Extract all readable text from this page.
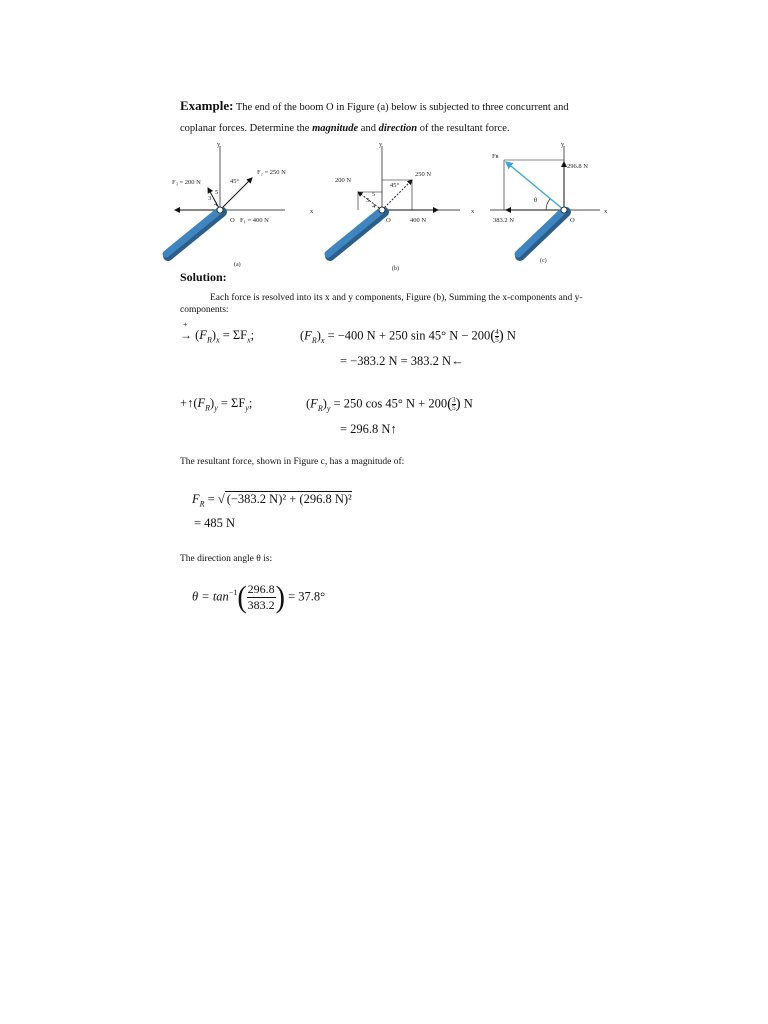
Example: The end of the boom O in Figure (a) below is subjected to three concurrent and coplanar forces. Determine the magnitude and direction of the resultant force.
y
x
O
F₂ = 250 N
45°
F₃ = 200 N
3
5
4
F₁ = 400 N
(a)
y
x
O
250 N
45°
200 N
3
5
4
400 N
(b)
y
x
O
296.8 N
383.2 N
Fʀ
θ
(c)
Solution:
Each force is resolved into its x and y components, Figure (b), Summing the x-components and y-components:
+
→ $(F_R)_x = \Sigma F_x$;	$(F_R)_x = -400$ N + 250 sin 45° $N - 200( \frac{4}{5})$ N
= −383.2 N = 383.2 N←
$+↑(F_R)_y = \Sigma F_y$;	$(F_R)_y = 250$ cos 45° $N + 200( \frac{3}{5})$ N
= 296.8 N↑
The resultant force, shown in Figure c, has a magnitude of:
$F_R$ = √ (−383.2 N)² + (296.8 N)²
= 485 N
The direction angle θ is:
$\theta = \tan^{-1}( \frac{296.8}{383.2}$ ) = 37.8°
